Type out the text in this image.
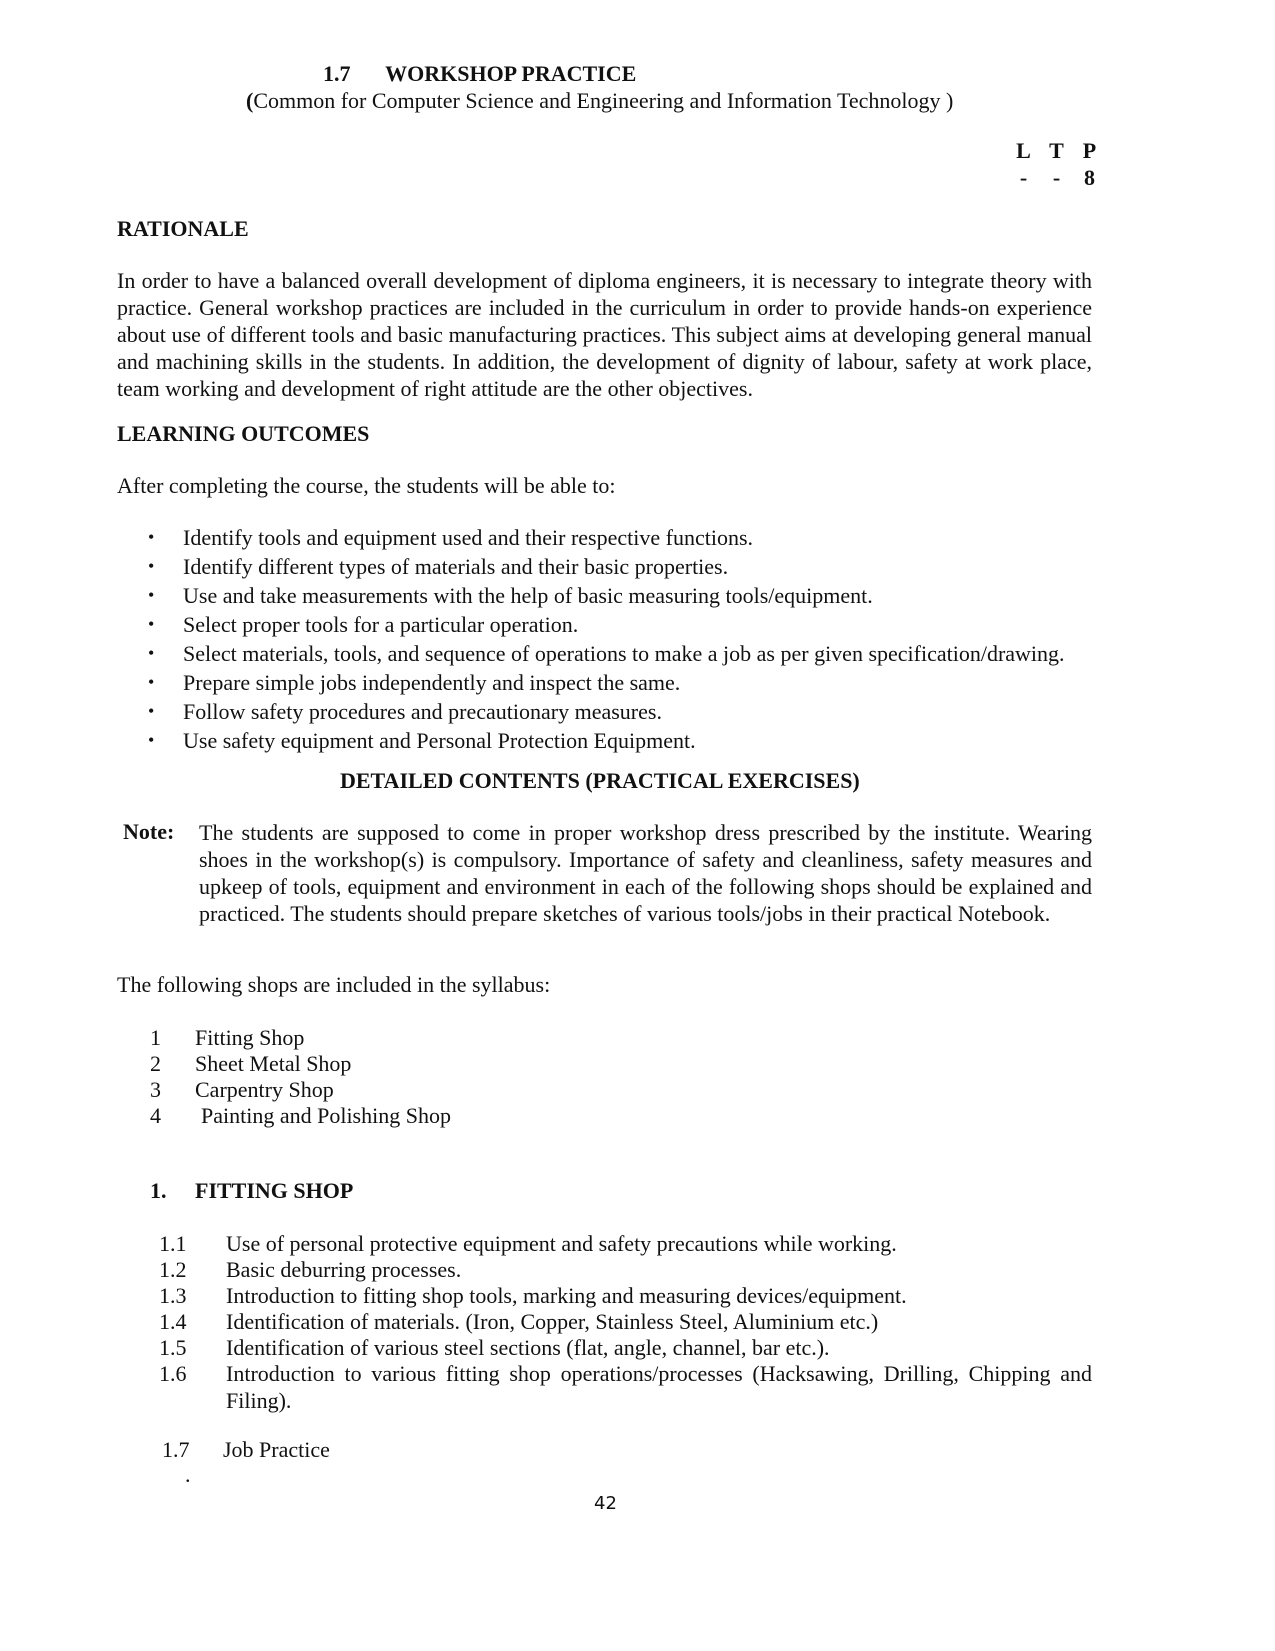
1.7 WORKSHOP PRACTICE
(Common for Computer Science and Engineering and Information Technology )
L T P
- - 8
RATIONALE

In order to have a balanced overall development of diploma engineers, it is necessary to integrate theory with practice. General workshop practices are included in the curriculum in order to provide hands-on experience about use of different tools and basic manufacturing practices. This subject aims at developing general manual and machining skills in the students. In addition, the development of dignity of labour, safety at work place, team working and development of right attitude are the other objectives.

LEARNING OUTCOMES
After completing the course, the students will be able to:
• Identify tools and equipment used and their respective functions.
• Identify different types of materials and their basic properties.
• Use and take measurements with the help of basic measuring tools/equipment.
• Select proper tools for a particular operation.
• Select materials, tools, and sequence of operations to make a job as per given specification/drawing.
• Prepare simple jobs independently and inspect the same.
• Follow safety procedures and precautionary measures.
• Use safety equipment and Personal Protection Equipment.
DETAILED CONTENTS (PRACTICAL EXERCISES)
Note: The students are supposed to come in proper workshop dress prescribed by the institute. Wearing shoes in the workshop(s) is compulsory. Importance of safety and cleanliness, safety measures and upkeep of tools, equipment and environment in each of the following shops should be explained and practiced. The students should prepare sketches of various tools/jobs in their practical Notebook.

The following shops are included in the syllabus:
1 Fitting Shop
2 Sheet Metal Shop
3 Carpentry Shop
4 Painting and Polishing Shop
1. FITTING SHOP
1.1 Use of personal protective equipment and safety precautions while working.
1.2 Basic deburring processes.
1.3 Introduction to fitting shop tools, marking and measuring devices/equipment.
1.4 Identification of materials. (Iron, Copper, Stainless Steel, Aluminium etc.)
1.5 Identification of various steel sections (flat, angle, channel, bar etc.).
1.6 Introduction to various fitting shop operations/processes (Hacksawing, Drilling, Chipping and Filing).

1.7 Job Practice
.
42
